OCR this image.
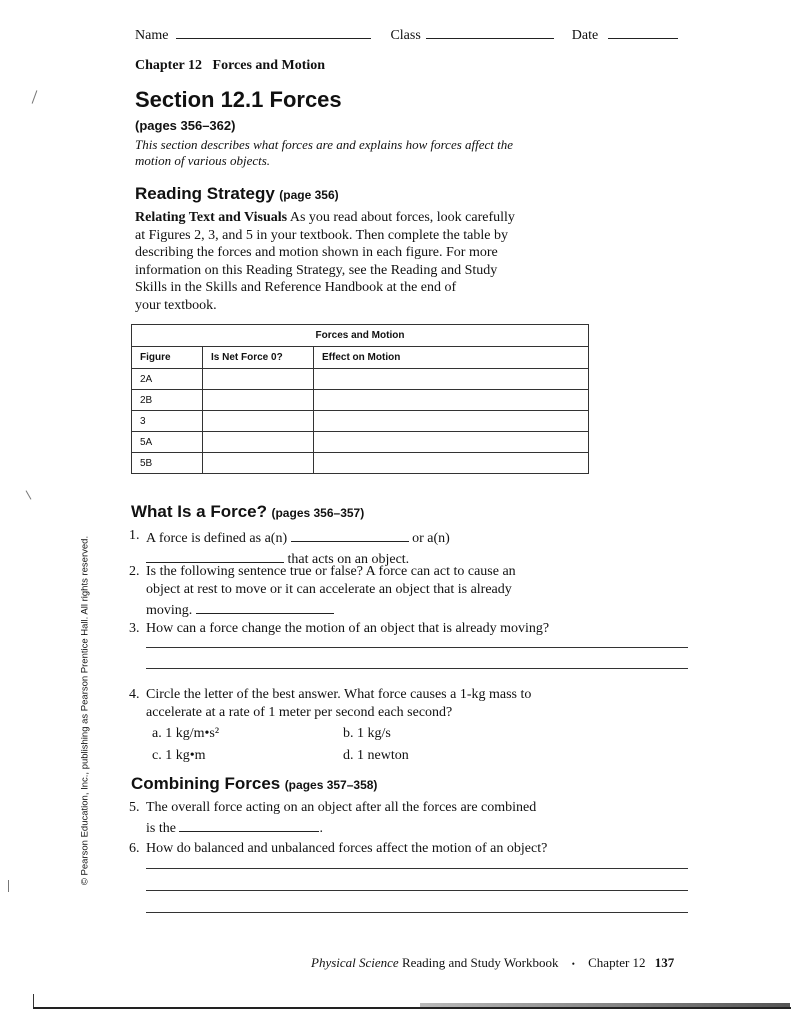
Name	Class	Date
Chapter 12 Forces and Motion
Section 12.1 Forces
(pages 356–362)
This section describes what forces are and explains how forces affect the
motion of various objects.
Reading Strategy (page 356)
Relating Text and Visuals As you read about forces, look carefully
at Figures 2, 3, and 5 in your textbook. Then complete the table by
describing the forces and motion shown in each figure. For more
information on this Reading Strategy, see the Reading and Study
Skills in the Skills and Reference Handbook at the end of
your textbook.
Forces and Motion		
Figure	Is Net Force 0?	Effect on Motion
2A		
2B		
3		
5A		
5B		
What Is a Force? (pages 356–357)
1. A force is defined as a(n)	or a(n)
that acts on an object.
2. Is the following sentence true or false? A force can act to cause an
object at rest to move or it can accelerate an object that is already
moving.
3. How can a force change the motion of an object that is already moving?
4. Circle the letter of the best answer. What force causes a 1-kg mass to
accelerate at a rate of 1 meter per second each second?
a. 1 kg/m•s²	b. 1 kg/s
c. 1 kg•m	d. 1 newton
Combining Forces (pages 357–358)
5. The overall force acting on an object after all the forces are combined
is the	.
6. How do balanced and unbalanced forces affect the motion of an object?
© Pearson Education, Inc., publishing as Pearson Prentice Hall. All rights reserved.
Physical Science Reading and Study Workbook • Chapter 12 137
